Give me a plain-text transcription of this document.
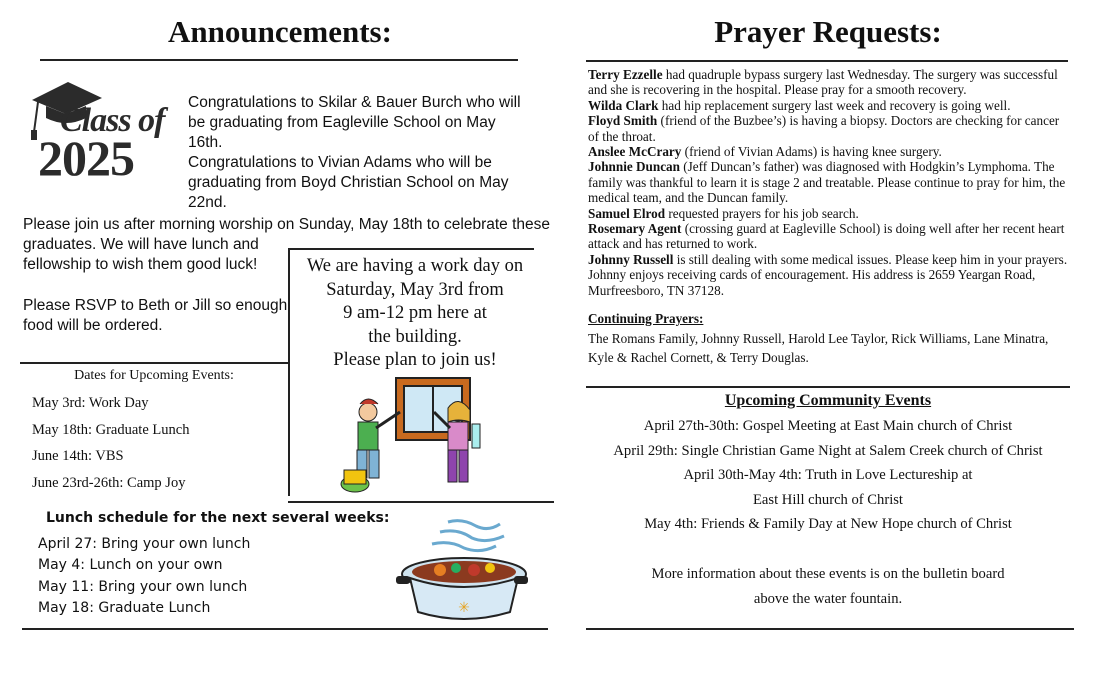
Announcements:
Class of
2025

Congratulations to Skilar & Bauer Burch who will be graduating from Eagleville School on May 16th.

Congratulations to Vivian Adams who will be graduating from Boyd Christian School on May 22nd.

Please join us after morning worship on Sunday, May 18th to celebrate these

graduates. We will have lunch and

fellowship to wish them good luck!

Please RSVP to Beth or Jill so enough

food will be ordered.

We are having a work day on
Saturday, May 3rd from
9 am-12 pm here at
the building.
Please plan to join us!
Dates for Upcoming Events:
May 3rd: Work Day
May 18th: Graduate Lunch
June 14th: VBS
June 23rd-26th: Camp Joy
Lunch schedule for the next several weeks:
April 27: Bring your own lunch
May 4: Lunch on your own
May 11: Bring your own lunch
May 18: Graduate Lunch	✳
Prayer Requests:

Terry Ezzelle had quadruple bypass surgery last Wednesday. The surgery was successful and she is recovering in the hospital. Please pray for a smooth recovery.

Wilda Clark had hip replacement surgery last week and recovery is going well.

Floyd Smith (friend of the Buzbee’s) is having a biopsy. Doctors are checking for cancer of the throat.

Anslee McCrary (friend of Vivian Adams) is having knee surgery.

Johnnie Duncan (Jeff Duncan’s father) was diagnosed with Hodgkin’s Lymphoma. The family was thankful to learn it is stage 2 and treatable. Please continue to pray for him, the medical team, and the Duncan family.

Samuel Elrod requested prayers for his job search.

Rosemary Agent (crossing guard at Eagleville School) is doing well after her recent heart attack and has returned to work.

Johnny Russell is still dealing with some medical issues. Please keep him in your prayers. Johnny enjoys receiving cards of encouragement. His address is 2659 Yeargan Road, Murfreesboro, TN 37128.

Continuing Prayers:

The Romans Family, Johnny Russell, Harold Lee Taylor, Rick Williams, Lane Minatra, Kyle & Rachel Cornett, & Terry Douglas.

Upcoming Community Events
April 27th-30th: Gospel Meeting at East Main church of Christ
April 29th: Single Christian Game Night at Salem Creek church of Christ
April 30th-May 4th: Truth in Love Lectureship at
East Hill church of Christ
May 4th: Friends & Family Day at New Hope church of Christ
More information about these events is on the bulletin board
above the water fountain.
